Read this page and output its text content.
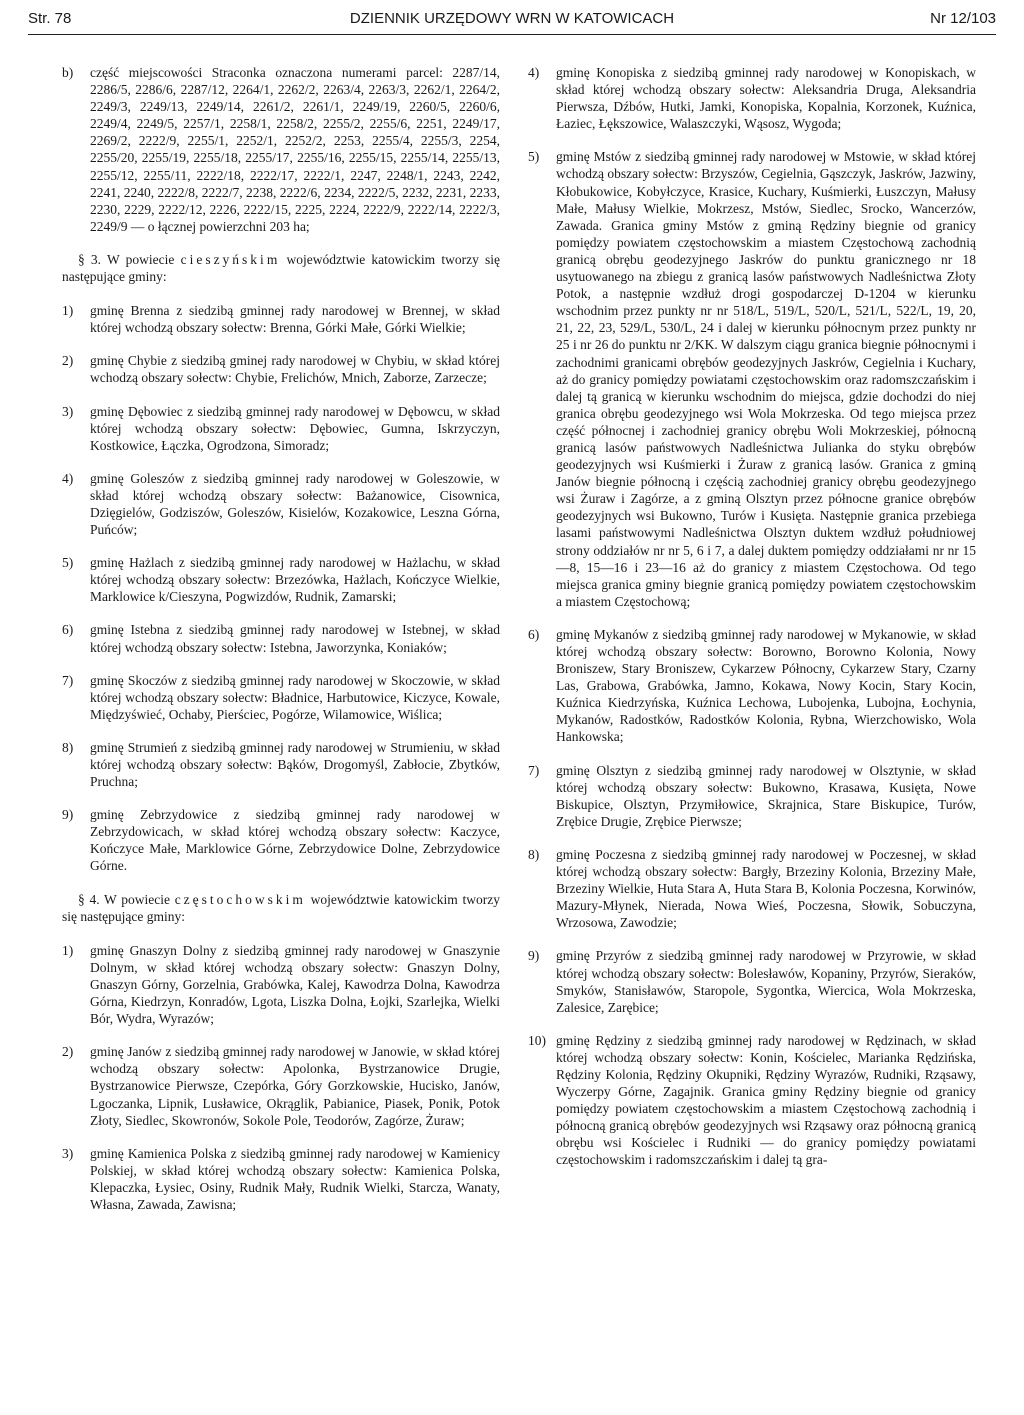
Str. 78	DZIENNIK URZĘDOWY WRN W KATOWICACH	Nr 12/103
b) część miejscowości Straconka oznaczona numerami parcel: 2287/14, 2286/5, 2286/6, 2287/12, 2264/1, 2262/2, 2263/4, 2263/3, 2262/1, 2264/2, 2249/3, 2249/13, 2249/14, 2261/2, 2261/1, 2249/19, 2260/5, 2260/6, 2249/4, 2249/5, 2257/1, 2258/1, 2258/2, 2255/2, 2255/6, 2251, 2249/17, 2269/2, 2222/9, 2255/1, 2252/1, 2252/2, 2253, 2255/4, 2255/3, 2254, 2255/20, 2255/19, 2255/18, 2255/17, 2255/16, 2255/15, 2255/14, 2255/13, 2255/12, 2255/11, 2222/18, 2222/17, 2222/1, 2247, 2248/1, 2243, 2242, 2241, 2240, 2222/8, 2222/7, 2238, 2222/6, 2234, 2222/5, 2232, 2231, 2233, 2230, 2229, 2222/12, 2226, 2222/15, 2225, 2224, 2222/9, 2222/14, 2222/3, 2249/9 — o łącznej powierzchni 203 ha;

§ 3. W powiecie cieszyńskim województwie katowickim tworzy się następujące gminy:

1) gminę Brenna z siedzibą gminnej rady narodowej w Brennej, w skład której wchodzą obszary sołectw: Brenna, Górki Małe, Górki Wielkie;

2) gminę Chybie z siedzibą gminej rady narodowej w Chybiu, w skład której wchodzą obszary sołectw: Chybie, Frelichów, Mnich, Zaborze, Zarzecze;

3) gminę Dębowiec z siedzibą gminnej rady narodowej w Dębowcu, w skład której wchodzą obszary sołectw: Dębowiec, Gumna, Iskrzyczyn, Kostkowice, Łączka, Ogrodzona, Simoradz;

4) gminę Goleszów z siedzibą gminnej rady narodowej w Goleszowie, w skład której wchodzą obszary sołectw: Bażanowice, Cisownica, Dzięgielów, Godziszów, Goleszów, Kisielów, Kozakowice, Leszna Górna, Puńców;

5) gminę Hażlach z siedzibą gminnej rady narodowej w Hażlachu, w skład której wchodzą obszary sołectw: Brzezówka, Hażlach, Kończyce Wielkie, Marklowice k/Cieszyna, Pogwizdów, Rudnik, Zamarski;

6) gminę Istebna z siedzibą gminnej rady narodowej w Istebnej, w skład której wchodzą obszary sołectw: Istebna, Jaworzynka, Koniaków;

7) gminę Skoczów z siedzibą gminnej rady narodowej w Skoczowie, w skład której wchodzą obszary sołectw: Bładnice, Harbutowice, Kiczyce, Kowale, Międzyświeć, Ochaby, Pierściec, Pogórze, Wilamowice, Wiślica;

8) gminę Strumień z siedzibą gminnej rady narodowej w Strumieniu, w skład której wchodzą obszary sołectw: Bąków, Drogomyśl, Zabłocie, Zbytków, Pruchna;

9) gminę Zebrzydowice z siedzibą gminnej rady narodowej w Zebrzydowicach, w skład której wchodzą obszary sołectw: Kaczyce, Kończyce Małe, Marklowice Górne, Zebrzydowice Dolne, Zebrzydowice Górne.

§ 4. W powiecie częstochowskim województwie katowickim tworzy się następujące gminy:

1) gminę Gnaszyn Dolny z siedzibą gminnej rady narodowej w Gnaszynie Dolnym, w skład której wchodzą obszary sołectw: Gnaszyn Dolny, Gnaszyn Górny, Gorzelnia, Grabówka, Kalej, Kawodrza Dolna, Kawodrza Górna, Kiedrzyn, Konradów, Lgota, Liszka Dolna, Łojki, Szarlejka, Wielki Bór, Wydra, Wyrazów;

2) gminę Janów z siedzibą gminnej rady narodowej w Janowie, w skład której wchodzą obszary sołectw: Apolonka, Bystrzanowice Drugie, Bystrzanowice Pierwsze, Czepórka, Góry Gorzkowskie, Hucisko, Janów, Lgoczanka, Lipnik, Lusławice, Okrąglik, Pabianice, Piasek, Ponik, Potok Złoty, Siedlec, Skowronów, Sokole Pole, Teodorów, Zagórze, Żuraw;

3) gminę Kamienica Polska z siedzibą gminnej rady narodowej w Kamienicy Polskiej, w skład której wchodzą obszary sołectw: Kamienica Polska, Klepaczka, Łysiec, Osiny, Rudnik Mały, Rudnik Wielki, Starcza, Wanaty, Własna, Zawada, Zawisna;

4) gminę Konopiska z siedzibą gminnej rady narodowej w Konopiskach, w skład której wchodzą obszary sołectw: Aleksandria Druga, Aleksandria Pierwsza, Dźbów, Hutki, Jamki, Konopiska, Kopalnia, Korzonek, Kuźnica, Łaziec, Łększowice, Walaszczyki, Wąsosz, Wygoda;

5) gminę Mstów z siedzibą gminnej rady narodowej w Mstowie, w skład której wchodzą obszary sołectw: Brzyszów, Cegielnia, Gąszczyk, Jaskrów, Jazwiny, Kłobukowice, Kobyłczyce, Krasice, Kuchary, Kuśmierki, Łuszczyn, Małusy Małe, Małusy Wielkie, Mokrzesz, Mstów, Siedlec, Srocko, Wancerzów, Zawada. Granica gminy Mstów z gminą Rędziny biegnie od granicy pomiędzy powiatem częstochowskim a miastem Częstochową zachodnią granicą obrębu geodezyjnego Jaskrów do punktu granicznego nr 18 usytuowanego na zbiegu z granicą lasów państwowych Nadleśnictwa Złoty Potok, a następnie wzdłuż drogi gospodarczej D-1204 w kierunku wschodnim przez punkty nr nr 518/L, 519/L, 520/L, 521/L, 522/L, 19, 20, 21, 22, 23, 529/L, 530/L, 24 i dalej w kierunku północnym przez punkty nr 25 i nr 26 do punktu nr 2/KK. W dalszym ciągu granica biegnie północnymi i zachodnimi granicami obrębów geodezyjnych Jaskrów, Cegielnia i Kuchary, aż do granicy pomiędzy powiatami częstochowskim oraz radomszczańskim i dalej tą granicą w kierunku wschodnim do miejsca, gdzie dochodzi do niej granica obrębu geodezyjnego wsi Wola Mokrzeska. Od tego miejsca przez część północnej i zachodniej granicy obrębu Woli Mokrzeskiej, północną granicą lasów państwowych Nadleśnictwa Julianka do styku obrębów geodezyjnych wsi Kuśmierki i Żuraw z granicą lasów. Granica z gminą Janów biegnie północną i częścią zachodniej granicy obrębu geodezyjnego wsi Żuraw i Zagórze, a z gminą Olsztyn przez północne granice obrębów geodezyjnych wsi Bukowno, Turów i Kusięta. Następnie granica przebiega lasami państwowymi Nadleśnictwa Olsztyn duktem wzdłuż południowej strony oddziałów nr nr 5, 6 i 7, a dalej duktem pomiędzy oddziałami nr nr 15—8, 15—16 i 23—16 aż do granicy z miastem Częstochowa. Od tego miejsca granica gminy biegnie granicą pomiędzy powiatem częstochowskim a miastem Częstochową;

6) gminę Mykanów z siedzibą gminnej rady narodowej w Mykanowie, w skład której wchodzą obszary sołectw: Borowno, Borowno Kolonia, Nowy Broniszew, Stary Broniszew, Cykarzew Północny, Cykarzew Stary, Czarny Las, Grabowa, Grabówka, Jamno, Kokawa, Nowy Kocin, Stary Kocin, Kuźnica Kiedrzyńska, Kuźnica Lechowa, Lubojenka, Lubojna, Łochynia, Mykanów, Radostków, Radostków Kolonia, Rybna, Wierzchowisko, Wola Hankowska;

7) gminę Olsztyn z siedzibą gminnej rady narodowej w Olsztynie, w skład której wchodzą obszary sołectw: Bukowno, Krasawa, Kusięta, Nowe Biskupice, Olsztyn, Przymiłowice, Skrajnica, Stare Biskupice, Turów, Zrębice Drugie, Zrębice Pierwsze;

8) gminę Poczesna z siedzibą gminnej rady narodowej w Poczesnej, w skład której wchodzą obszary sołectw: Bargły, Brzeziny Kolonia, Brzeziny Małe, Brzeziny Wielkie, Huta Stara A, Huta Stara B, Kolonia Poczesna, Korwinów, Mazury-Młynek, Nierada, Nowa Wieś, Poczesna, Słowik, Sobuczyna, Wrzosowa, Zawodzie;

9) gminę Przyrów z siedzibą gminnej rady narodowej w Przyrowie, w skład której wchodzą obszary sołectw: Bolesławów, Kopaniny, Przyrów, Sieraków, Smyków, Stanisławów, Staropole, Sygontka, Wiercica, Wola Mokrzeska, Zalesice, Zarębice;

10) gminę Rędziny z siedzibą gminnej rady narodowej w Rędzinach, w skład której wchodzą obszary sołectw: Konin, Kościelec, Marianka Rędzińska, Rędziny Kolonia, Rędziny Okupniki, Rędziny Wyrazów, Rudniki, Rząsawy, Wyczerpy Górne, Zagajnik. Granica gminy Rędziny biegnie od granicy pomiędzy powiatem częstochowskim a miastem Częstochową zachodnią i północną granicą obrębów geodezyjnych wsi Rząsawy oraz północną granicą obrębu wsi Kościelec i Rudniki — do granicy pomiędzy powiatami częstochowskim i radomszczańskim i dalej tą gra-
